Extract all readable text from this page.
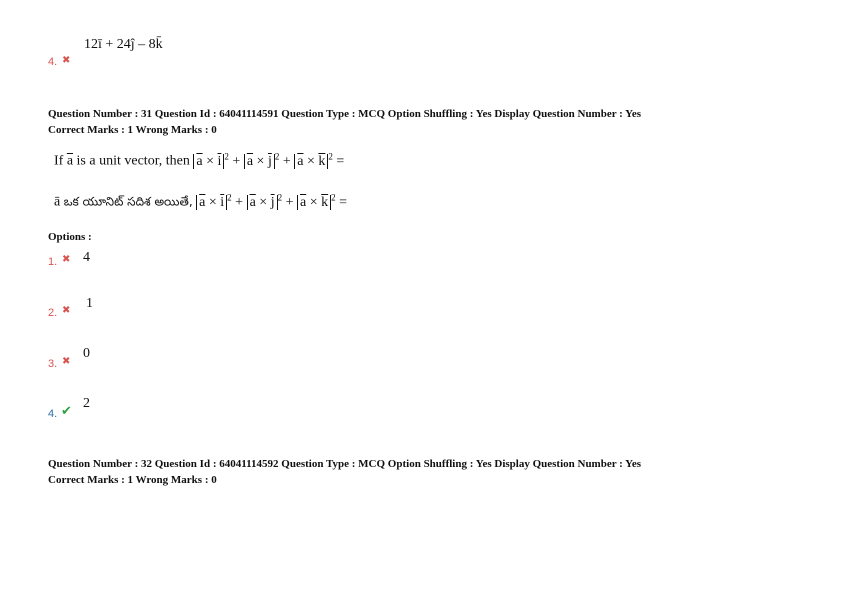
4. ✖
12ī + 24ĵ – 8k̄
Question Number : 31 Question Id : 64041114591 Question Type : MCQ Option Shuffling : Yes Display Question Number : Yes
Correct Marks : 1 Wrong Marks : 0
If $\overline{a}$ is a unit vector, then $\overline{a} \times \overline{i}$ $^2 + \overline{a} \times \overline{j}$ $^2 + \overline{a} \times \overline{k}$ $^2$ =
ā ఒక యూనిట్ సదిశ అయితే, $\overline{a} \times \overline{i}$ $^2 + \overline{a} \times \overline{j}$ $^2 + \overline{a} \times \overline{k}$ $^2$ =
Options :
1. ✖ 4
2. ✖ 1
3. ✖
0
4. ✔
2
Question Number : 32 Question Id : 64041114592 Question Type : MCQ Option Shuffling : Yes Display Question Number : Yes
Correct Marks : 1 Wrong Marks : 0
